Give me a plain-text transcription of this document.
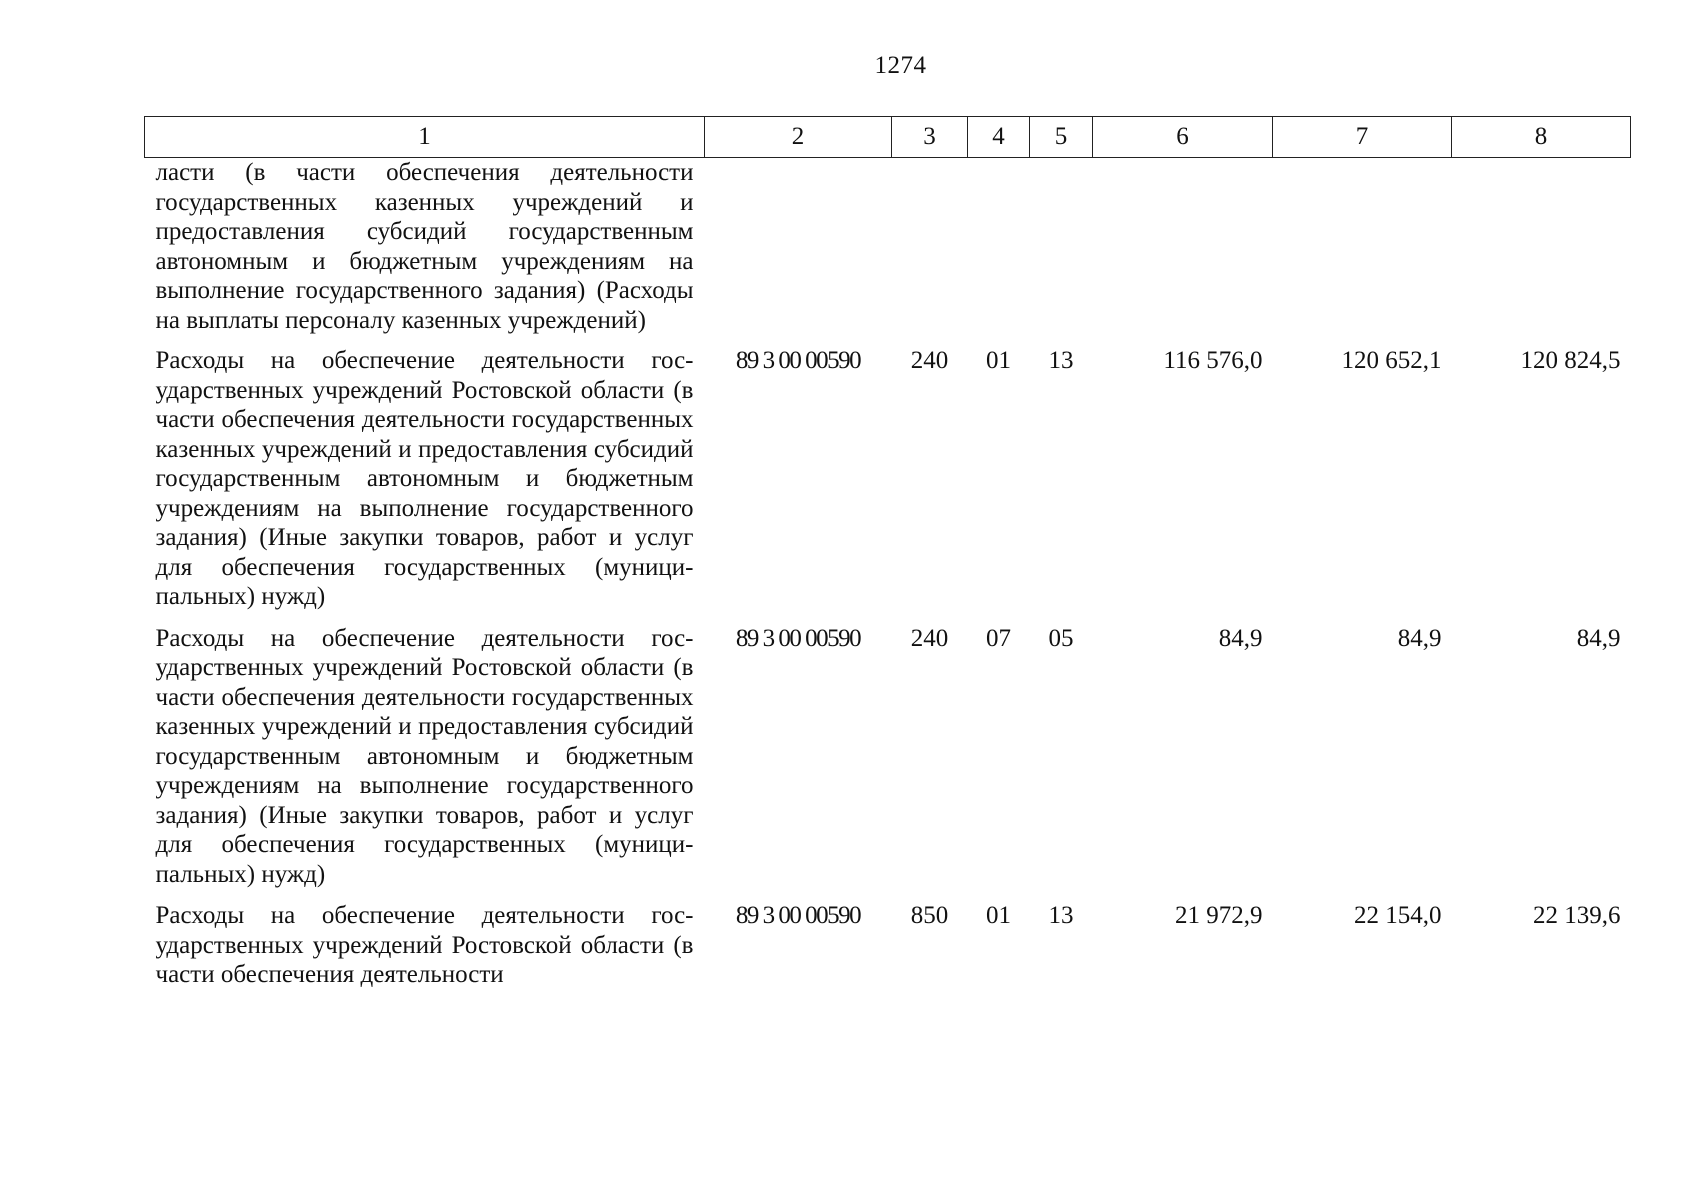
1274
1	2	3	4	5	6	7	8
ласти (в части обеспечения деятельности государственных казенных учреждений и предоставления субсидий государственным автономным и бюджетным учреждениям на выполнение государственного задания) (Расходы на выплаты персоналу казенных учреждений)							
Расходы на обеспечение деятельности государственных учреждений Ростовской области (в части обеспечения деятельности государственных казенных учреждений и предоставления субсидий государственным автономным и бюджетным учреждениям на выполнение государственного задания) (Иные закупки товаров, работ и услуг для обеспечения государственных (муниципальных) нужд)	89 3 00 00590	240	01	13	116 576,0	120 652,1	120 824,5
Расходы на обеспечение деятельности государственных учреждений Ростовской области (в части обеспечения деятельности государственных казенных учреждений и предоставления субсидий государственным автономным и бюджетным учреждениям на выполнение государственного задания) (Иные закупки товаров, работ и услуг для обеспечения государственных (муниципальных) нужд)	89 3 00 00590	240	07	05	84,9	84,9	84,9
Расходы на обеспечение деятельности государственных учреждений Ростовской области (в части обеспечения деятельности	89 3 00 00590	850	01	13	21 972,9	22 154,0	22 139,6
